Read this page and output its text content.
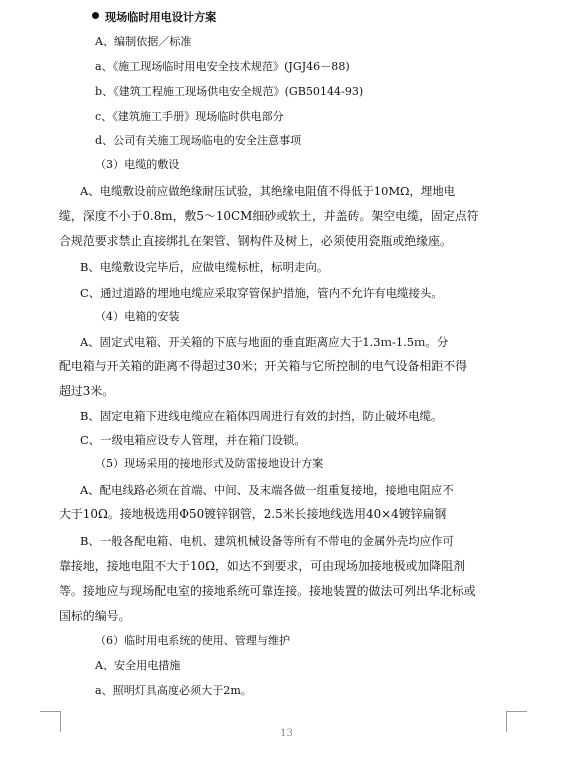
现场临时用电设计方案
A、编制依据／标准
a、《施工现场临时用电安全技术规范》(JGJ46－88)
b、《建筑工程施工现场供电安全规范》(GB50144-93)
c、《建筑施工手册》现场临时供电部分
d、公司有关施工现场临电的安全注意事项
（3）电缆的敷设
A、电缆敷设前应做绝缘耐压试验，其绝缘电阻值不得低于10MΩ，埋地电
缆，深度不小于0.8m，敷5～10CM细砂或软土，并盖砖。架空电缆，固定点符
合规范要求禁止直接绑扎在架管、钢构件及树上，必须使用瓷瓶或绝缘座。
B、电缆敷设完毕后，应做电缆标桩，标明走向。
C、通过道路的埋地电缆应采取穿管保护措施，管内不允许有电缆接头。
（4）电箱的安装
A、固定式电箱、开关箱的下底与地面的垂直距离应大于1.3ｍ-1.5ｍ。分
配电箱与开关箱的距离不得超过30米；开关箱与它所控制的电气设备相距不得
超过3米。
B、固定电箱下进线电缆应在箱体四周进行有效的封挡，防止破坏电缆。
C、一级电箱应设专人管理，并在箱门设锁。
（5）现场采用的接地形式及防雷接地设计方案
A、配电线路必须在首端、中间、及末端各做一组重复接地，接地电阻应不
大于10Ω。接地极选用Φ50镀锌钢管，2.5米长接地线选用40×4镀锌扁钢
B、一般各配电箱、电机、建筑机械设备等所有不带电的金属外壳均应作可
靠接地，接地电阻不大于10Ω，如达不到要求，可由现场加接地极或加降阻剂
等。接地应与现场配电室的接地系统可靠连接。接地装置的做法可列出华北标或
国标的编号。
（6）临时用电系统的使用、管理与维护
A、安全用电措施
a、照明灯具高度必须大于2m。
13
